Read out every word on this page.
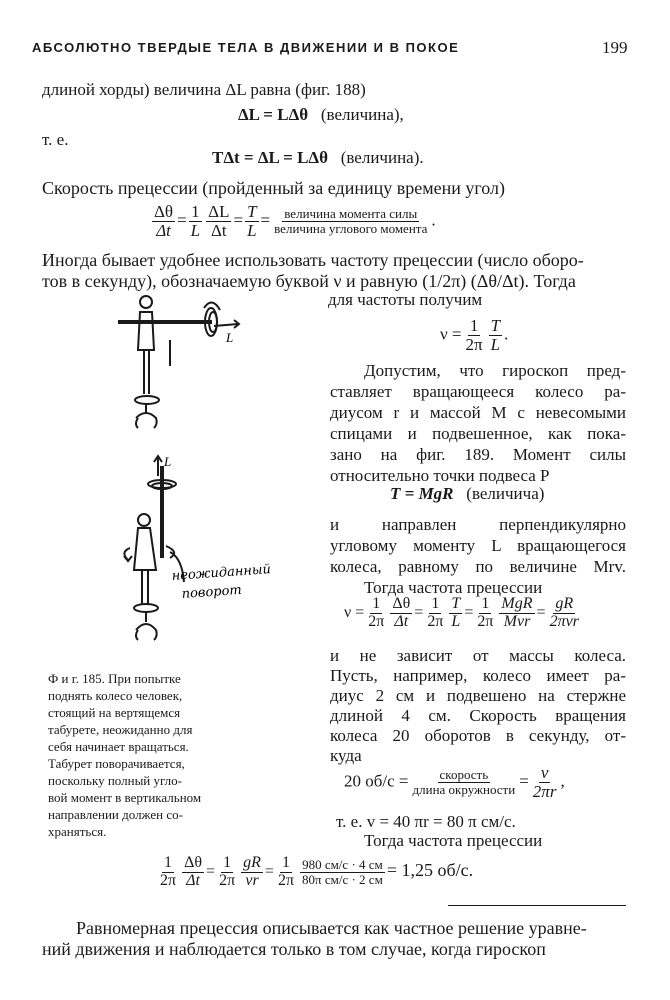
АБСОЛЮТНО ТВЕРДЫЕ ТЕЛА В ДВИЖЕНИИ И В ПОКОЕ	199
длиной хорды) величина ΔL равна (фиг. 188)
ΔL = LΔθ (величина),
т. е.
TΔt = ΔL = LΔθ (величина).
Скорость прецессии (пройденный за единицу времени угол)
$\frac{\Delta\theta}{\Delta t} = \frac{1}{L} \frac{\Delta L}{\Delta t} = \frac{T}{L} = \frac{\text{величина момента силы}}{\text{величина углового момента}}$ .
Иногда бывает удобнее использовать частоту прецессии (число оборо-
тов в секунду), обозначаемую буквой ν и равную (1/2π) (Δθ/Δt). Тогда
для частоты получим
L
L
неожиданный
поворот
Ф и г. 185. При попытке
поднять колесо человек,
стоящий на вертящемся
табурете, неожиданно для
себя начинает вращаться.
Табурет поворачивается,
поскольку полный угло-
вой момент в вертикальном
направлении должен со-
храняться.
$\nu = \frac{1}{2\pi} \frac{T}{L}$ .
Допустим, что гироскоп пред-
ставляет вращающееся колесо ра-
диусом r и массой M с невесомыми
спицами и подвешенное, как пока-
зано на фиг. 189. Момент силы
относительно точки подвеса P
T = MgR (величича)
и направлен перпендикулярно
угловому моменту L вращающегося
колеса, равному по величине Mrv.
Тогда частота прецессии
$\nu = \frac{1}{2\pi} \frac{\Delta\theta}{\Delta t} = \frac{1}{2\pi} \frac{T}{L} = \frac{1}{2\pi} \frac{\text{MgR}}{\text{Mvr}} = \frac{gR}{\text{2πvr}}$
и не зависит от массы колеса.
Пусть, например, колесо имеет ра-
диус 2 см и подвешено на стержне
длиной 4 см. Скорость вращения
колеса 20 оборотов в секунду, от-
куда
20 $об/с = \frac{\text{скорость}}{\text{длина окружности}} = \frac{v}{2\pi r}$ ,
т. е. v = 40 πr = 80 π см/с.
Тогда частота прецессии
$\frac{1}{2\pi} \frac{\Delta\theta}{\Delta t} = \frac{1}{2\pi} \frac{gR}{vr} = \frac{1}{2\pi} \frac{980 см/с \cdot 4 см}{\text{80π см/с · 2 см}} = 1,25$ об/с.
Равномерная прецессия описывается как частное решение уравне-
ний движения и наблюдается только в том случае, когда гироскоп
